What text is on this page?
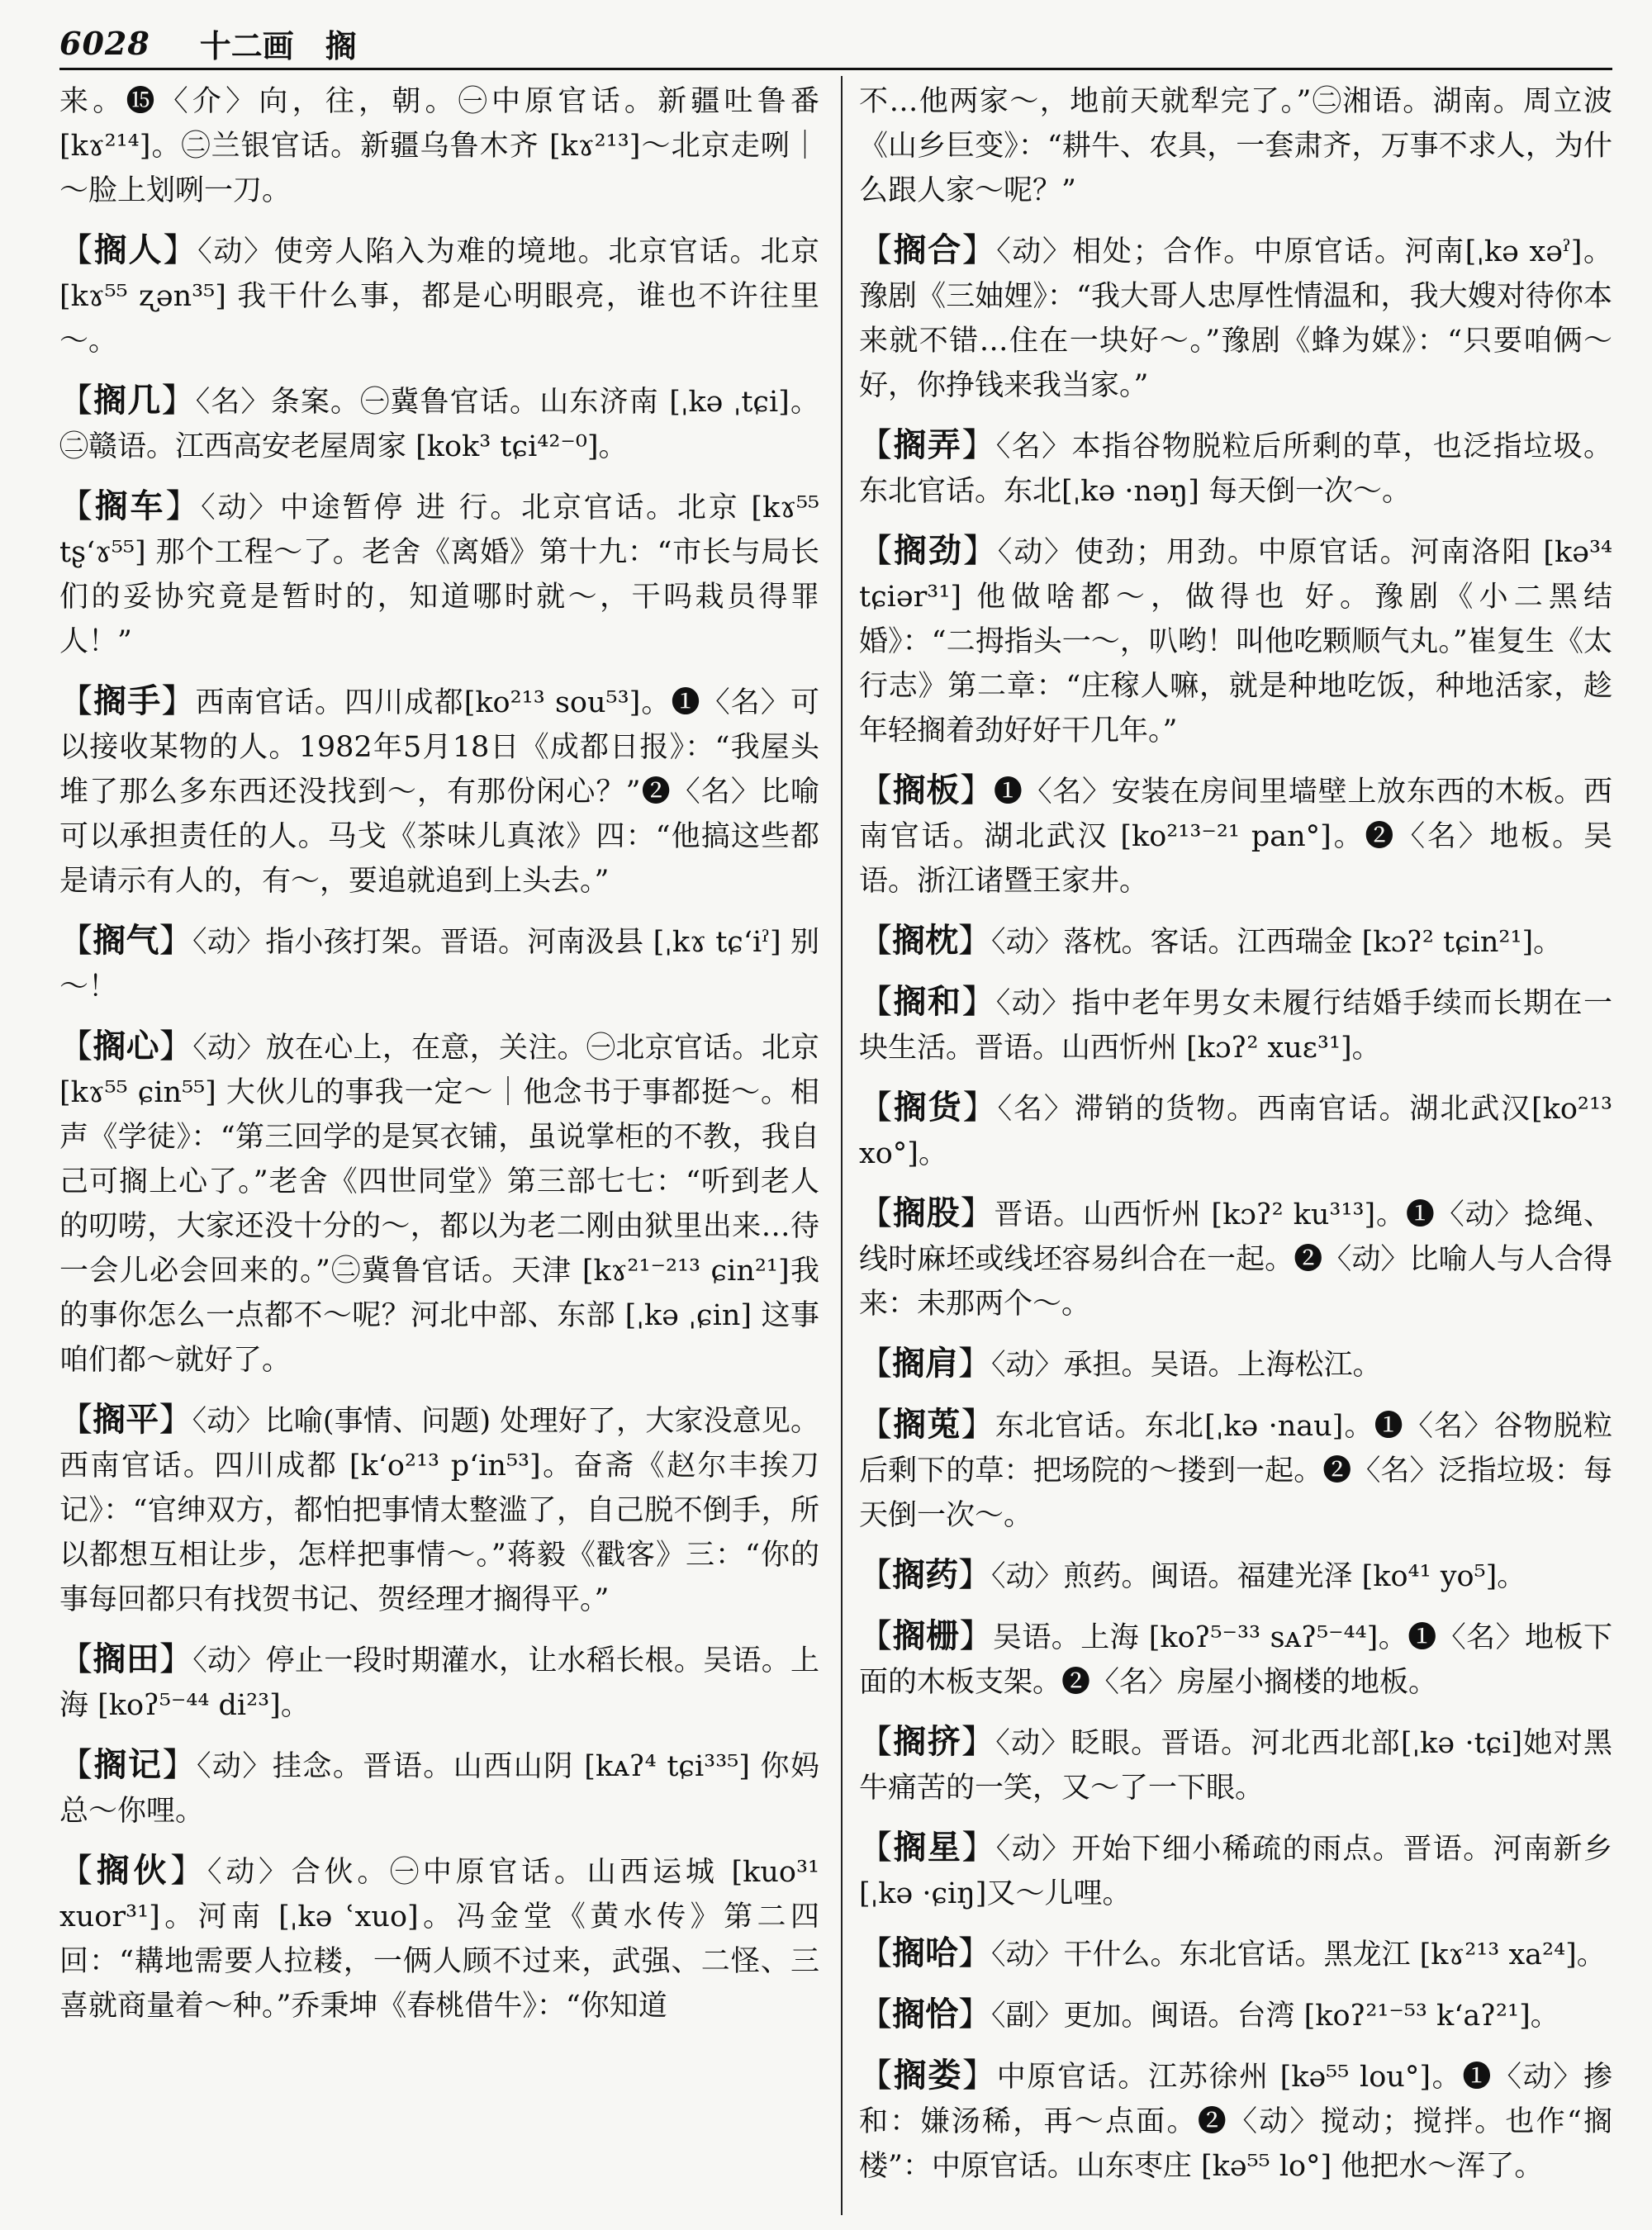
6028 十二画　搁

来。⓯〈介〉向，往，朝。㊀中原官话。新疆吐鲁番[kɤ²¹⁴]。㊁兰银官话。新疆乌鲁木齐 [kɤ²¹³]～北京走咧｜～脸上划咧一刀。

【搁人】〈动〉使旁人陷入为难的境地。北京官话。北京[kɤ⁵⁵ ʐən³⁵] 我干什么事，都是心明眼亮，谁也不许往里～。

【搁几】〈名〉条案。㊀冀鲁官话。山东济南 [ˌkə ˌtɕi]。㊁赣语。江西高安老屋周家 [kok³ tɕi⁴²⁻⁰]。

【搁车】〈动〉中途暂停 进 行。北京官话。北京 [kɤ⁵⁵ tʂʻɤ⁵⁵] 那个工程～了。老舍《离婚》第十九：“市长与局长们的妥协究竟是暂时的，知道哪时就～，干吗栽员得罪人！”

【搁手】西南官话。四川成都[ko²¹³ sou⁵³]。❶〈名〉可以接收某物的人。1982年5月18日《成都日报》：“我屋头堆了那么多东西还没找到～，有那份闲心？”❷〈名〉比喻可以承担责任的人。马戈《茶味儿真浓》四：“他搞这些都是请示有人的，有～，要追就追到上头去。”

【搁气】〈动〉指小孩打架。晋语。河南汲县 [ˌkɤ tɕʻiˀ] 别～！

【搁心】〈动〉放在心上，在意，关注。㊀北京官话。北京 [kɤ⁵⁵ ɕin⁵⁵] 大伙儿的事我一定～｜他念书于事都挺～。相声《学徒》：“第三回学的是冥衣铺，虽说掌柜的不教，我自己可搁上心了。”老舍《四世同堂》第三部七七：“听到老人的叨唠，大家还没十分的～，都以为老二刚由狱里出来…待一会儿必会回来的。”㊁冀鲁官话。天津 [kɤ²¹⁻²¹³ ɕin²¹]我的事你怎么一点都不～呢？河北中部、东部 [ˌkə ˌɕin] 这事咱们都～就好了。

【搁平】〈动〉比喻(事情、问题) 处理好了，大家没意见。西南官话。四川成都 [kʻo²¹³ pʻin⁵³]。奋斋《赵尔丰挨刀记》：“官绅双方，都怕把事情太整滥了，自己脱不倒手，所以都想互相让步，怎样把事情～。”蒋毅《戳客》三：“你的事每回都只有找贺书记、贺经理才搁得平。”

【搁田】〈动〉停止一段时期灌水，让水稻长根。吴语。上海 [koʔ⁵⁻⁴⁴ di²³]。

【搁记】〈动〉挂念。晋语。山西山阴 [kᴀʔ⁴ tɕi³³⁵] 你妈总～你哩。

【搁伙】〈动〉合伙。㊀中原官话。山西运城 [kuo³¹ xuor³¹]。河南 [ˌkə ʿxuo]。冯金堂《黄水传》第二四回：“耩地需要人拉耧，一俩人顾不过来，武强、二怪、三喜就商量着～种。”乔秉坤《春桃借牛》：“你知道

不…他两家～，地前天就犁完了。”㊁湘语。湖南。周立波《山乡巨变》：“耕牛、农具，一套肃齐，万事不求人，为什么跟人家～呢？”

【搁合】〈动〉相处；合作。中原官话。河南[ˌkə xəˀ]。豫剧《三妯娌》：“我大哥人忠厚性情温和，我大嫂对待你本来就不错…住在一块好～。”豫剧《蜂为媒》：“只要咱俩～好，你挣钱来我当家。”

【搁弄】〈名〉本指谷物脱粒后所剩的草，也泛指垃圾。东北官话。东北[ˌkə ·nəŋ] 每天倒一次～。

【搁劲】〈动〉使劲；用劲。中原官话。河南洛阳 [kə³⁴ tɕiər³¹] 他做啥都～，做得也 好。豫剧《小二黑结婚》：“二拇指头一～，叭哟！叫他吃颗顺气丸。”崔复生《太行志》第二章：“庄稼人嘛，就是种地吃饭，种地活家，趁年轻搁着劲好好干几年。”

【搁板】❶〈名〉安装在房间里墙壁上放东西的木板。西南官话。湖北武汉 [ko²¹³⁻²¹ pan°]。❷〈名〉地板。吴语。浙江诸暨王家井。

【搁枕】〈动〉落枕。客话。江西瑞金 [kɔʔ² tɕin²¹]。

【搁和】〈动〉指中老年男女未履行结婚手续而长期在一块生活。晋语。山西忻州 [kɔʔ² xuɛ³¹]。

【搁货】〈名〉滞销的货物。西南官话。湖北武汉[ko²¹³ xo°]。

【搁股】晋语。山西忻州 [kɔʔ² ku³¹³]。❶〈动〉捻绳、线时麻坯或线坯容易纠合在一起。❷〈动〉比喻人与人合得来：未那两个～。

【搁肩】〈动〉承担。吴语。上海松江。

【搁莵】东北官话。东北[ˌkə ·nau]。❶〈名〉谷物脱粒后剩下的草：把场院的～搂到一起。❷〈名〉泛指垃圾：每天倒一次～。

【搁药】〈动〉煎药。闽语。福建光泽 [ko⁴¹ yo⁵]。

【搁栅】吴语。上海 [koʔ⁵⁻³³ sᴀʔ⁵⁻⁴⁴]。❶〈名〉地板下面的木板支架。❷〈名〉房屋小搁楼的地板。

【搁挤】〈动〉眨眼。晋语。河北西北部[ˌkə ·tɕi]她对黑牛痛苦的一笑，又～了一下眼。

【搁星】〈动〉开始下细小稀疏的雨点。晋语。河南新乡[ˌkə ·ɕiŋ]又～儿哩。

【搁哈】〈动〉干什么。东北官话。黑龙江 [kɤ²¹³ xa²⁴]。

【搁恰】〈副〉更加。闽语。台湾 [koʔ²¹⁻⁵³ kʻaʔ²¹]。

【搁娄】中原官话。江苏徐州 [kə⁵⁵ lou°]。❶〈动〉掺和：嫌汤稀，再～点面。❷〈动〉搅动；搅拌。也作“搁楼”：中原官话。山东枣庄 [kə⁵⁵ lo°] 他把水～浑了。
